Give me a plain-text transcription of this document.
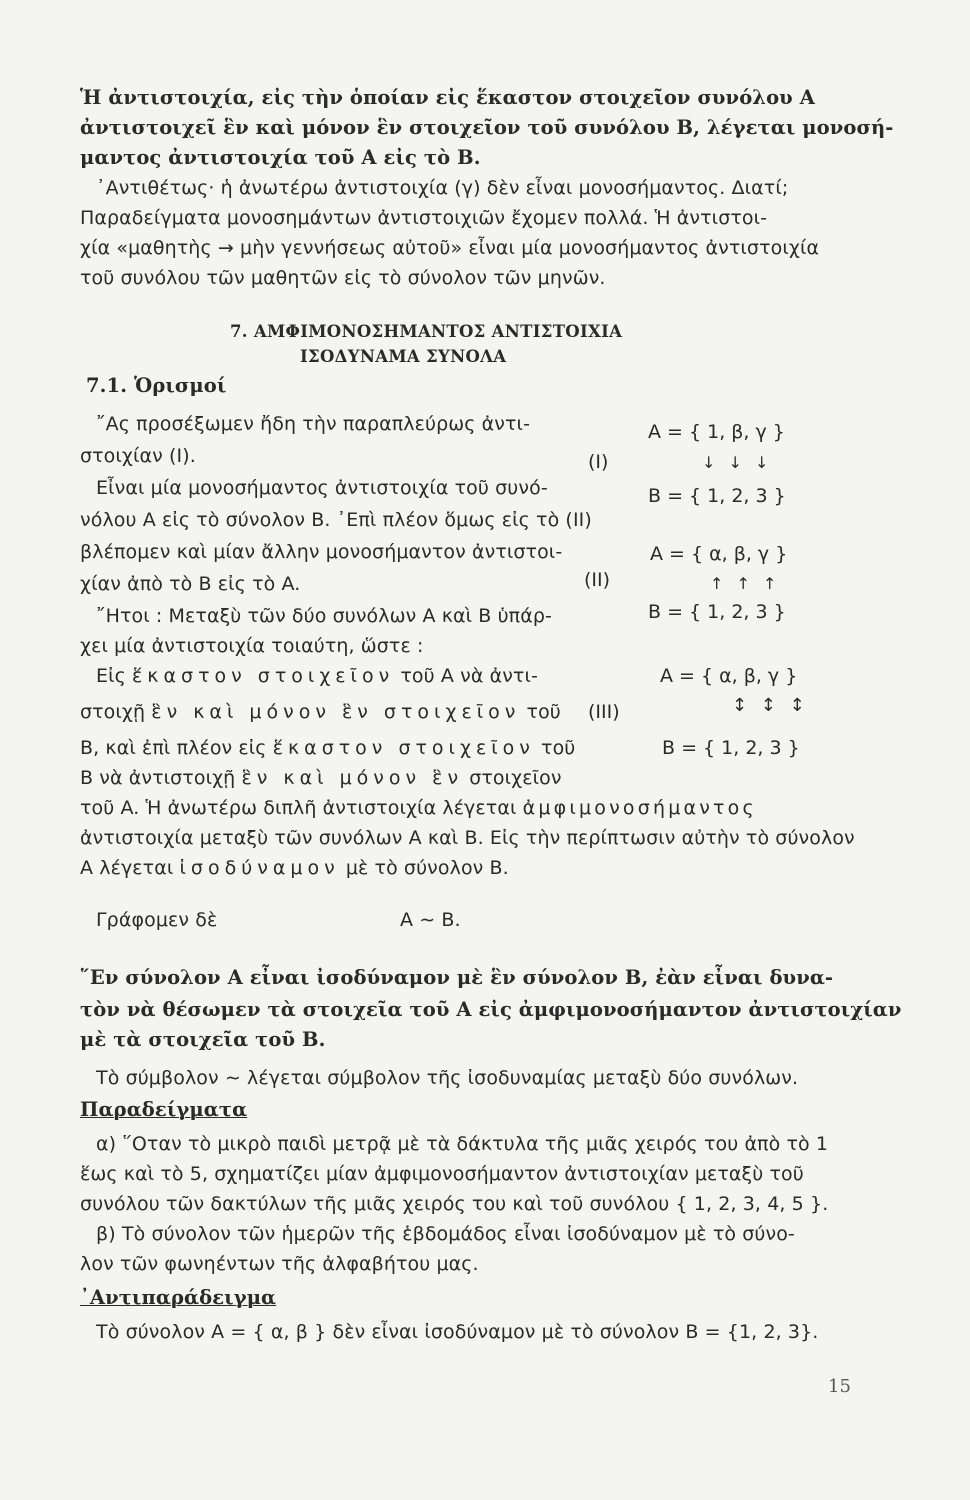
Ἡ ἀντιστοιχία, εἰς τὴν ὁποίαν εἰς ἕκαστον στοιχεῖον συνόλου A
ἀντιστοιχεῖ ἓν καὶ μόνον ἓν στοιχεῖον τοῦ συνόλου B, λέγεται μονοσή-
μαντος ἀντιστοιχία τοῦ A εἰς τὸ B.
᾿Αντιθέτως· ἡ ἀνωτέρω ἀντιστοιχία (γ) δὲν εἶναι μονοσήμαντος. Διατί;
Παραδείγματα μονοσημάντων ἀντιστοιχιῶν ἔχομεν πολλά. Ἡ ἀντιστοι-
χία «μαθητὴς → μὴν γεννήσεως αὐτοῦ» εἶναι μία μονοσήμαντος ἀντιστοιχία
τοῦ συνόλου τῶν μαθητῶν εἰς τὸ σύνολον τῶν μηνῶν.
7. ΑΜΦΙΜΟΝΟΣΗΜΑΝΤΟΣ ΑΝΤΙΣΤΟΙΧΙΑ
ΙΣΟΔΥΝΑΜΑ ΣΥΝΟΛΑ
7.1. Ὁρισμοί
῎Ας προσέξωμεν ἤδη τὴν παραπλεύρως ἀντι-
στοιχίαν (I).
Εἶναι μία μονοσήμαντος ἀντιστοιχία τοῦ συνό-
νόλου A εἰς τὸ σύνολον B. ᾿Επὶ πλέον ὅμως εἰς τὸ (II)
βλέπομεν καὶ μίαν ἄλλην μονοσήμαντον ἀντιστοι-
χίαν ἀπὸ τὸ B εἰς τὸ A.
῎Ητοι : Μεταξὺ τῶν δύο συνόλων A καὶ B ὑπάρ-
χει μία ἀντιστοιχία τοιαύτη, ὥστε :
Εἰς ἕκαστον στοιχεῖον τοῦ A νὰ ἀντι-
στοιχῇ ἓν καὶ μόνον ἓν στοιχεῖον τοῦ
B, καὶ ἐπὶ πλέον εἰς ἕκαστον στοιχεῖον τοῦ
B νὰ ἀντιστοιχῇ ἓν καὶ μόνον ἓν στοιχεῖον
τοῦ A. Ἡ ἀνωτέρω διπλῆ ἀντιστοιχία λέγεται ἀμφιμονοσήμαντος
ἀντιστοιχία μεταξὺ τῶν συνόλων A καὶ B. Εἰς τὴν περίπτωσιν αὐτὴν τὸ σύνολον
A λέγεται ἰσοδύναμον μὲ τὸ σύνολον B.
Γράφομεν δὲ	A ∼ B.
A = { 1, β, γ }
(I)	↓ ↓ ↓
B = { 1, 2, 3 }
A = { α, β, γ }
(II)	↑ ↑ ↑
B = { 1, 2, 3 }
A = { α, β, γ }
(III)	↕ ↕ ↕
B = { 1, 2, 3 }
῞Εν σύνολον A εἶναι ἰσοδύναμον μὲ ἓν σύνολον B, ἐὰν εἶναι δυνα-
τὸν νὰ θέσωμεν τὰ στοιχεῖα τοῦ A εἰς ἀμφιμονοσήμαντον ἀντιστοιχίαν
μὲ τὰ στοιχεῖα τοῦ B.
Τὸ σύμβολον ∼ λέγεται σύμβολον τῆς ἰσοδυναμίας μεταξὺ δύο συνόλων.
Παραδείγματα
α) ῞Οταν τὸ μικρὸ παιδὶ μετρᾷ μὲ τὰ δάκτυλα τῆς μιᾶς χειρός του ἀπὸ τὸ 1
ἕως καὶ τὸ 5, σχηματίζει μίαν ἀμφιμονοσήμαντον ἀντιστοιχίαν μεταξὺ τοῦ
συνόλου τῶν δακτύλων τῆς μιᾶς χειρός του καὶ τοῦ συνόλου { 1, 2, 3, 4, 5 }.
β) Τὸ σύνολον τῶν ἡμερῶν τῆς ἑβδομάδος εἶναι ἰσοδύναμον μὲ τὸ σύνο-
λον τῶν φωνηέντων τῆς ἀλφαβήτου μας.
᾿Αντιπαράδειγμα
Τὸ σύνολον A = { α, β } δὲν εἶναι ἰσοδύναμον μὲ τὸ σύνολον B = {1, 2, 3}.
15
